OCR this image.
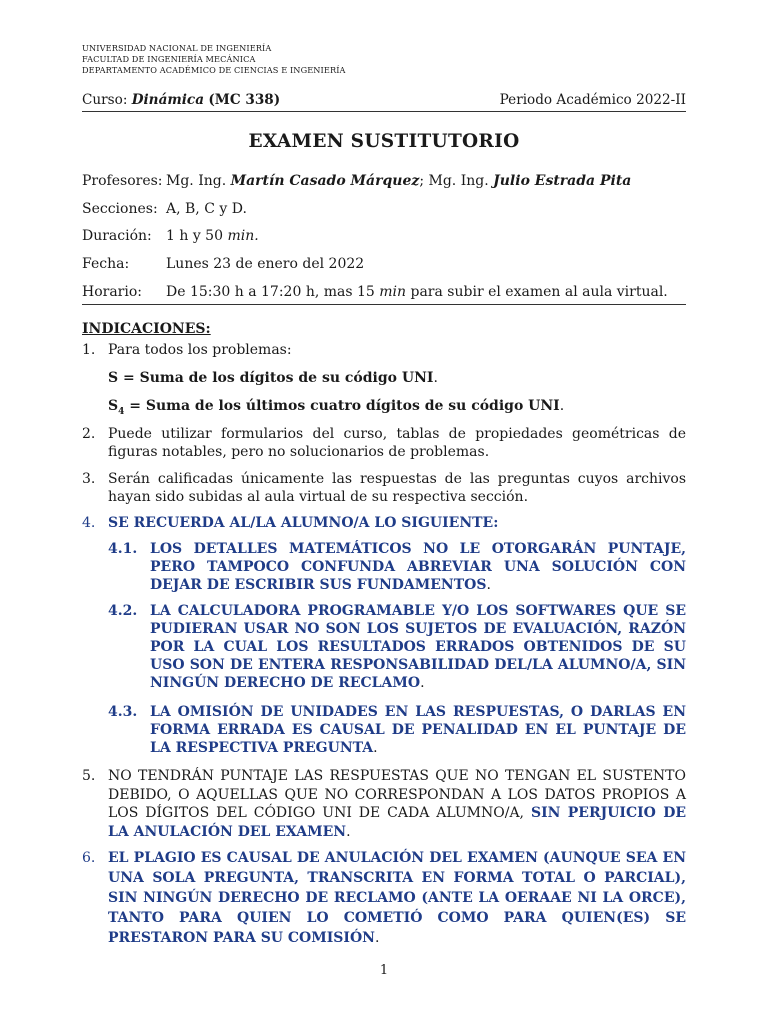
UNIVERSIDAD NACIONAL DE INGENIERÍA
FACULTAD DE INGENIERÍA MECÁNICA
DEPARTAMENTO ACADÉMICO DE CIENCIAS E INGENIERÍA
Curso: Dinámica (MC 338)	Periodo Académico 2022-II
EXAMEN SUSTITUTORIO
Profesores: Mg. Ing. Martín Casado Márquez; Mg. Ing. Julio Estrada Pita
Secciones: A, B, C y D.
Duración: 1 h y 50 min.
Fecha:	Lunes 23 de enero del 2022
Horario: De 15:30 h a 17:20 h, mas 15 min para subir el examen al aula virtual.
INDICACIONES:
1. Para todos los problemas:
S = Suma de los dígitos de su código UNI.
$S_4$ = Suma de los últimos cuatro dígitos de su código UNI.
2. Puede utilizar formularios del curso, tablas de propiedades geométricas de figuras notables, pero no solucionarios de problemas.
3. Serán calificadas únicamente las respuestas de las preguntas cuyos archivos hayan sido subidas al aula virtual de su respectiva sección.
4. SE RECUERDA AL/LA ALUMNO/A LO SIGUIENTE:
4.1. LOS DETALLES MATEMÁTICOS NO LE OTORGARÁN PUNTAJE, PERO TAMPOCO CONFUNDA ABREVIAR UNA SOLUCIÓN CON DEJAR DE ESCRIBIR SUS FUNDAMENTOS.
4.2. LA CALCULADORA PROGRAMABLE Y/O LOS SOFTWARES QUE SE PUDIERAN USAR NO SON LOS SUJETOS DE EVALUACIÓN, RAZÓN POR LA CUAL LOS RESULTADOS ERRADOS OBTENIDOS DE SU USO SON DE ENTERA RESPONSABILIDAD DEL/LA ALUMNO/A, SIN NINGÚN DERECHO DE RECLAMO.
4.3. LA OMISIÓN DE UNIDADES EN LAS RESPUESTAS, O DARLAS EN FORMA ERRADA ES CAUSAL DE PENALIDAD EN EL PUNTAJE DE LA RESPECTIVA PREGUNTA.
5. NO TENDRÁN PUNTAJE LAS RESPUESTAS QUE NO TENGAN EL SUSTENTO DEBIDO, O AQUELLAS QUE NO CORRESPONDAN A LOS DATOS PROPIOS A LOS DÍGITOS DEL CÓDIGO UNI DE CADA ALUMNO/A, SIN PERJUICIO DE LA ANULACIÓN DEL EXAMEN.
6. EL PLAGIO ES CAUSAL DE ANULACIÓN DEL EXAMEN (AUNQUE SEA EN UNA SOLA PREGUNTA, TRANSCRITA EN FORMA TOTAL O PARCIAL), SIN NINGÚN DERECHO DE RECLAMO (ANTE LA OERAAE NI LA ORCE), TANTO PARA QUIEN LO COMETIÓ COMO PARA QUIEN(ES) SE PRESTARON PARA SU COMISIÓN.
1
